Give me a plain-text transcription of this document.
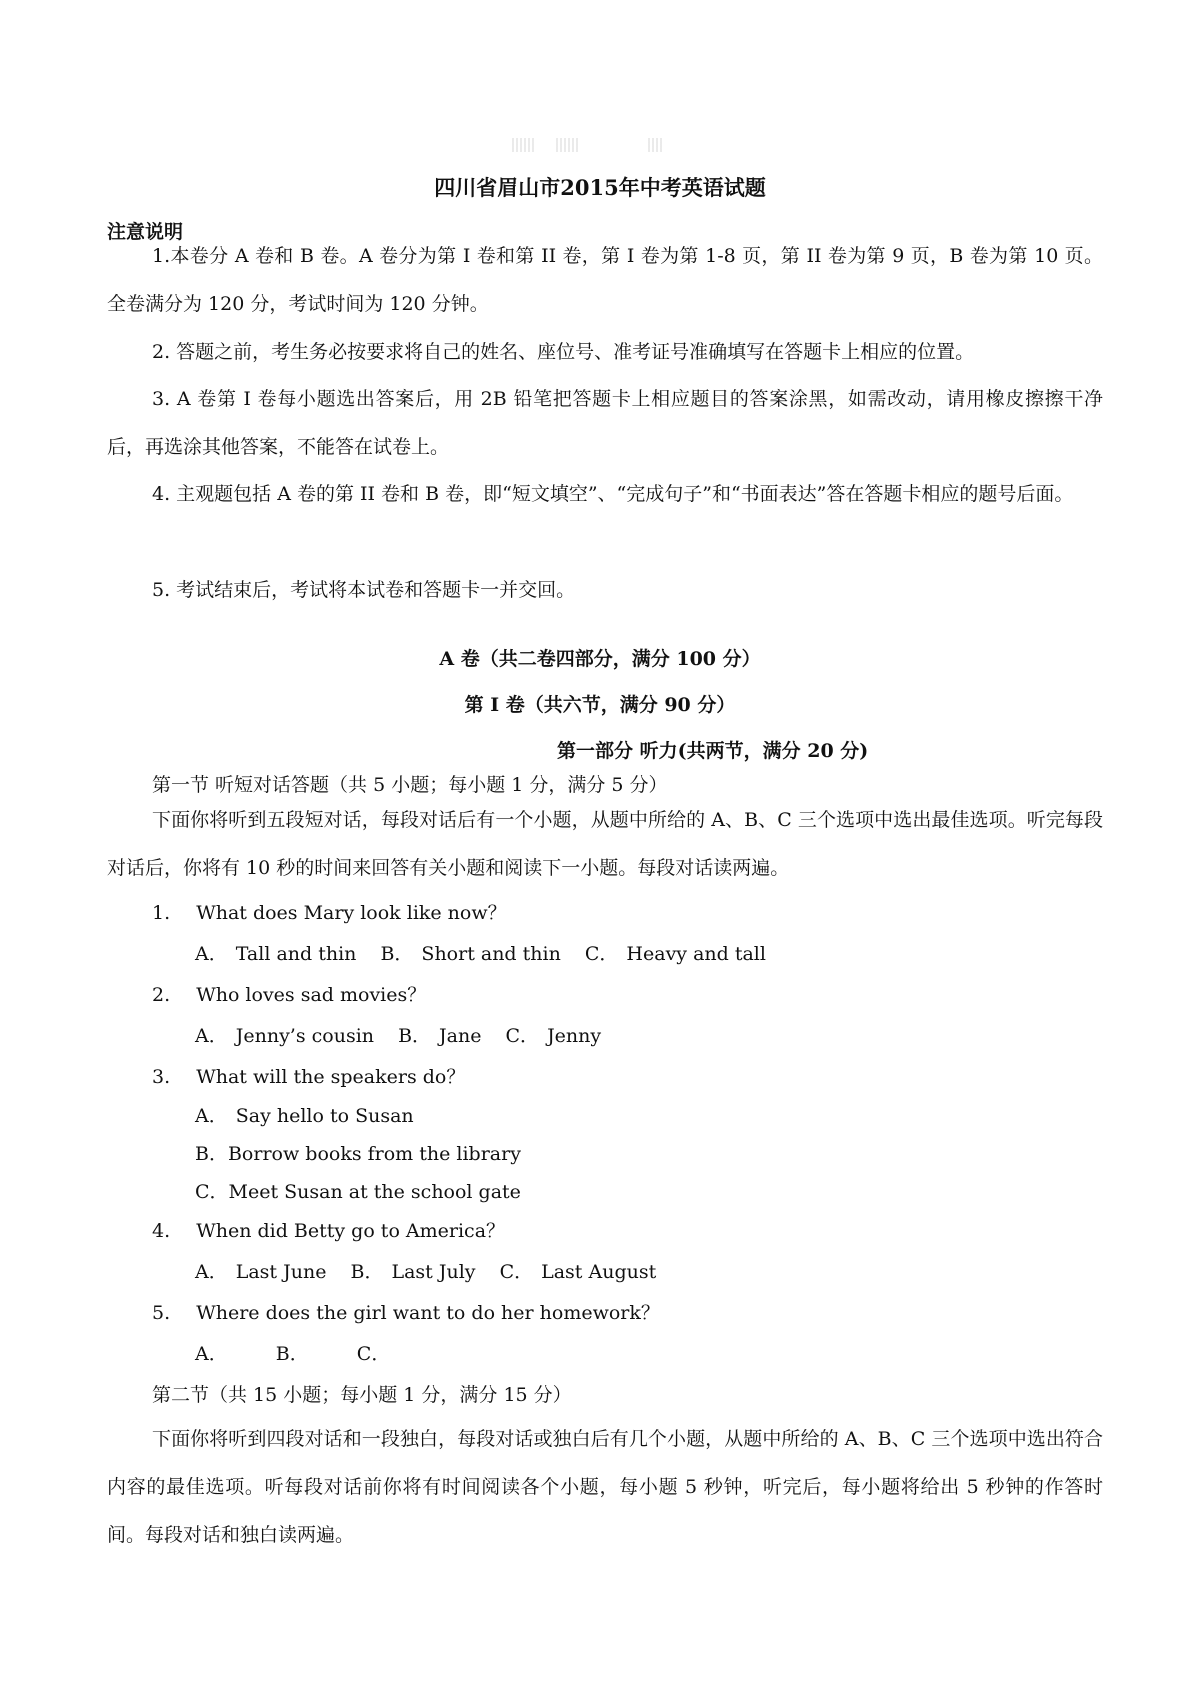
四川省眉山市2015年中考英语试题
注意说明
1.本卷分 A 卷和 B 卷。A 卷分为第 I 卷和第 II 卷，第 I 卷为第 1-8 页，第 II 卷为第 9 页，B 卷为第 10 页。全卷满分为 120 分，考试时间为 120 分钟。
2. 答题之前，考生务必按要求将自己的姓名、座位号、准考证号准确填写在答题卡上相应的位置。
3. A 卷第 I 卷每小题选出答案后，用 2B 铅笔把答题卡上相应题目的答案涂黑，如需改动，请用橡皮擦擦干净后，再选涂其他答案，不能答在试卷上。
4. 主观题包括 A 卷的第 II 卷和 B 卷，即“短文填空”、“完成句子”和“书面表达”答在答题卡相应的题号后面。
5. 考试结束后，考试将本试卷和答题卡一并交回。
A 卷（共二卷四部分，满分 100 分）
第 I 卷（共六节，满分 90 分）
第一部分 听力(共两节，满分 20 分)
第一节 听短对话答题（共 5 小题；每小题 1 分，满分 5 分）
下面你将听到五段短对话，每段对话后有一个小题，从题中所给的 A、B、C 三个选项中选出最佳选项。听完每段对话后，你将有 10 秒的时间来回答有关小题和阅读下一小题。每段对话读两遍。
1. What does Mary look like now？
A． Tall and thin B． Short and thin C． Heavy and tall
2. Who loves sad movies？
A． Jenny’s cousin B． Jane C． Jenny
3. What will the speakers do？
A． Say hello to Susan
B．Borrow books from the library
C．Meet Susan at the school gate
4. When did Betty go to America？
A． Last June B． Last July C． Last August
5. Where does the girl want to do her homework？
A．	B．	C．
第二节（共 15 小题；每小题 1 分，满分 15 分）
下面你将听到四段对话和一段独白，每段对话或独白后有几个小题，从题中所给的 A、B、C 三个选项中选出符合内容的最佳选项。听每段对话前你将有时间阅读各个小题，每小题 5 秒钟，听完后，每小题将给出 5 秒钟的作答时间。每段对话和独白读两遍。
